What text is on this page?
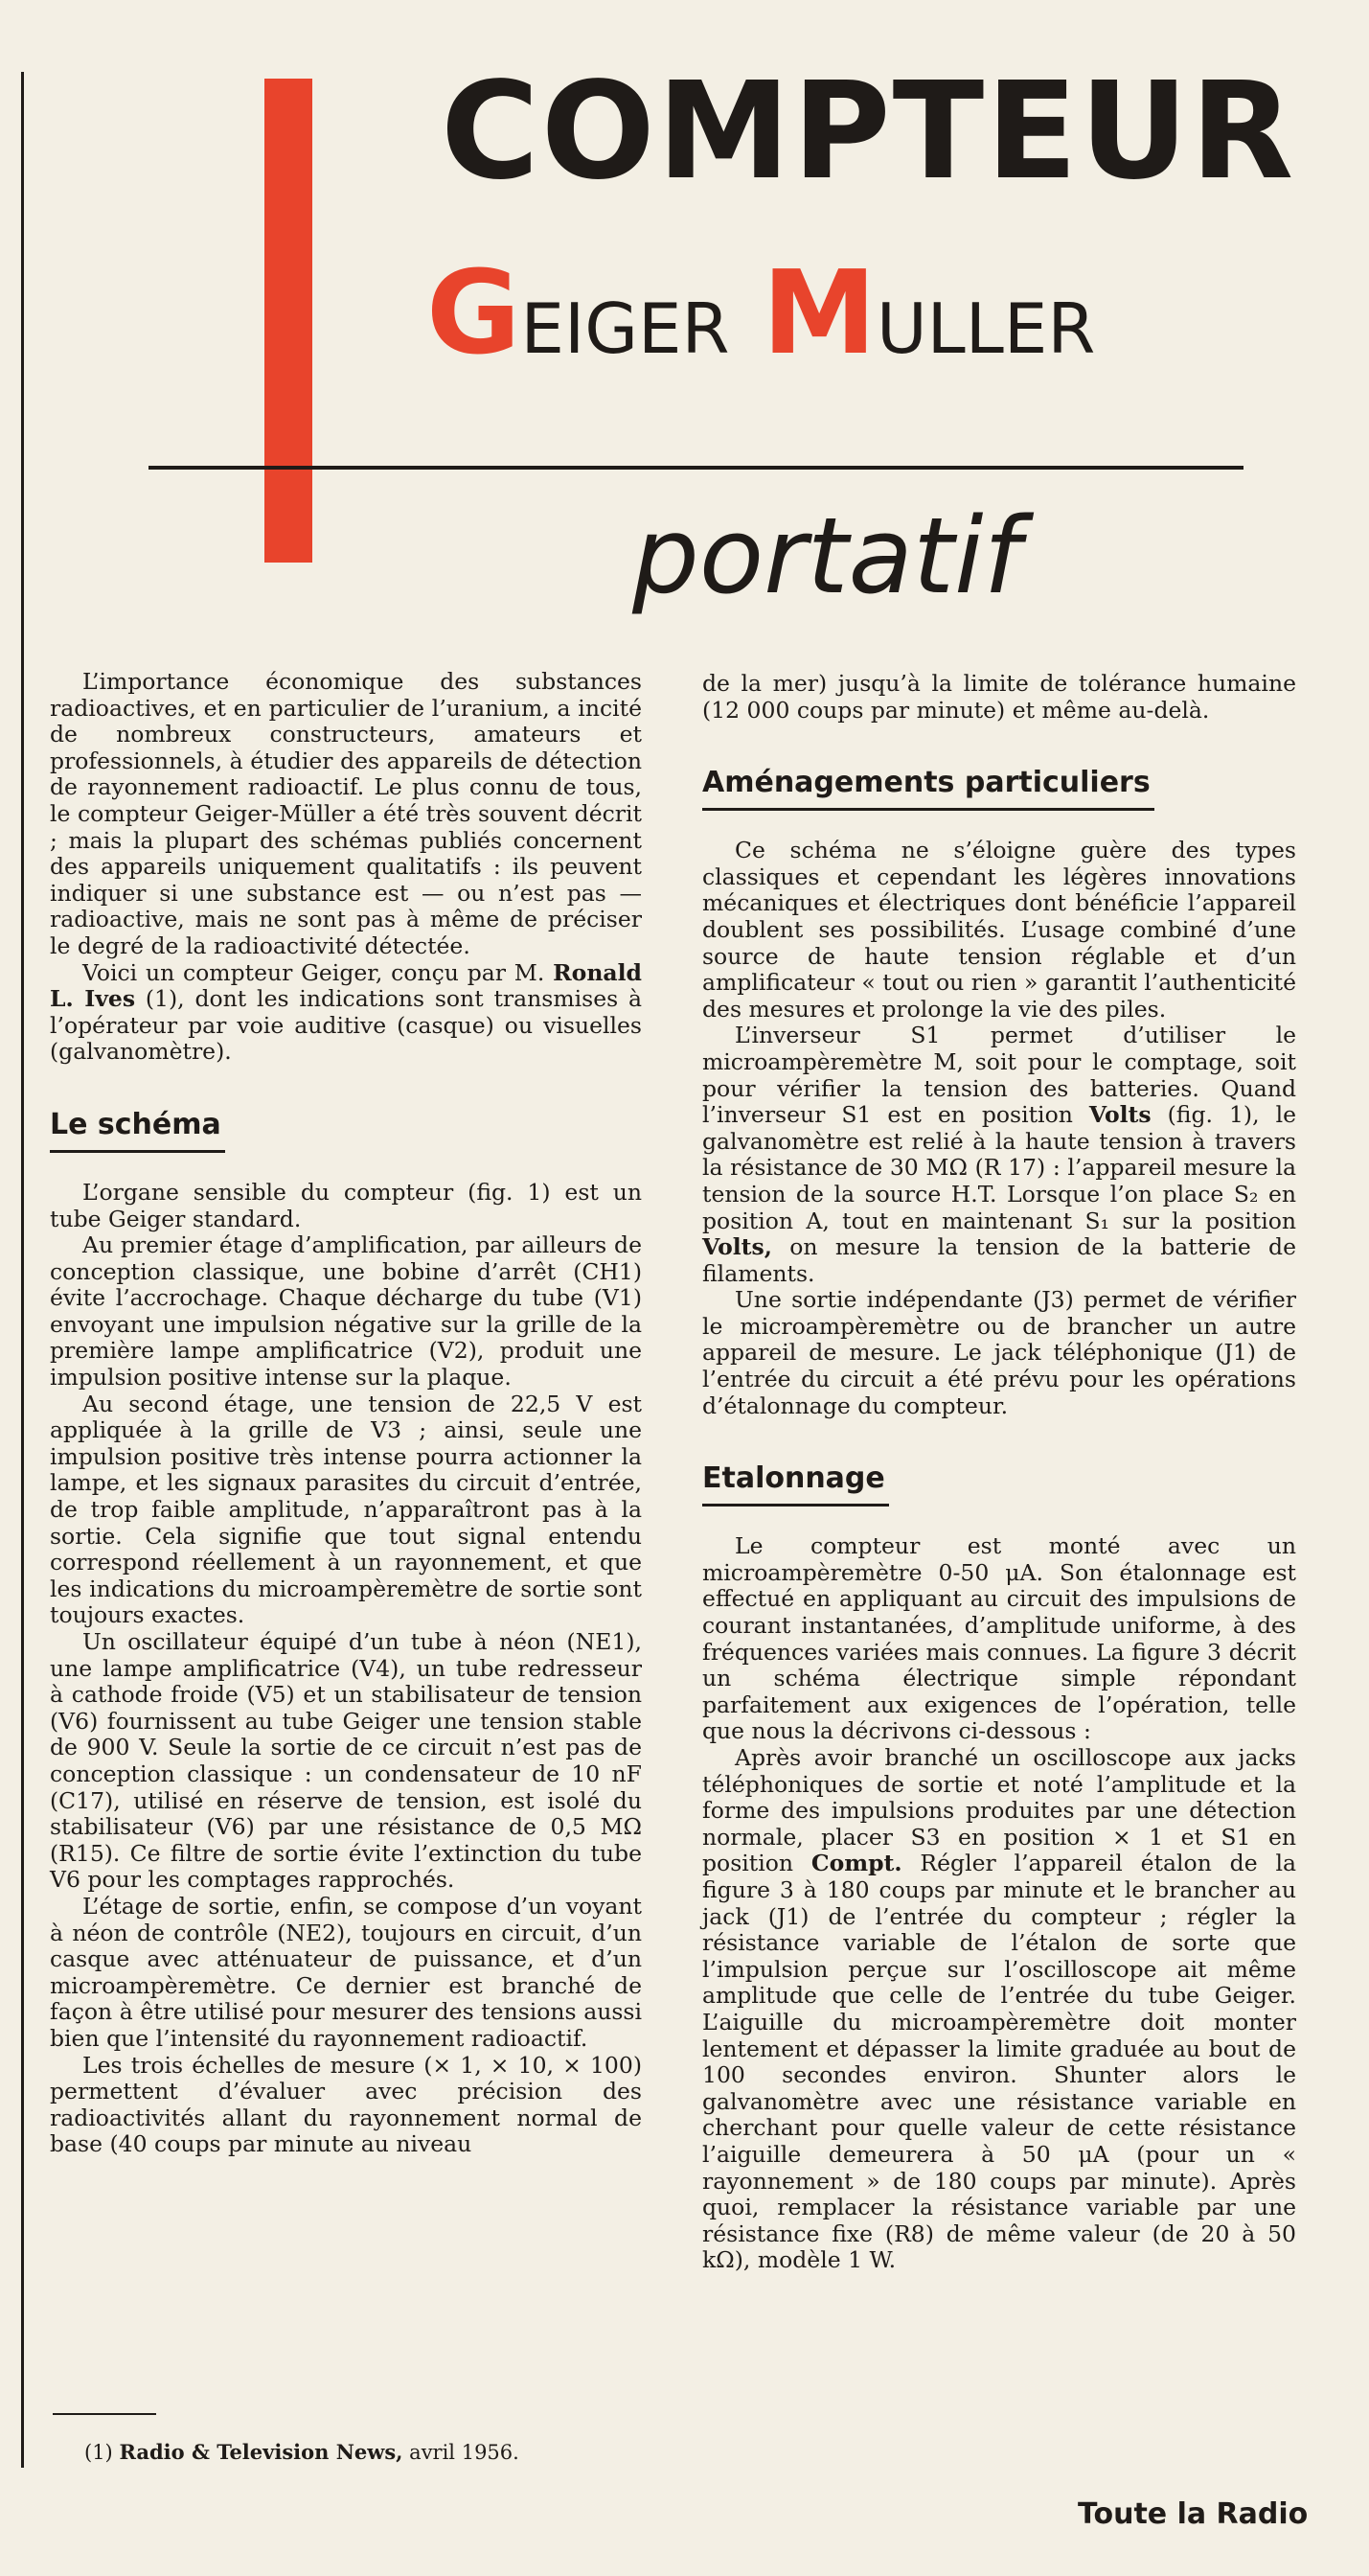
COMPTEUR
GEIGER MULLER
portatif

L’importance économique des substances radioactives, et en particulier de l’uranium, a incité de nombreux constructeurs, amateurs et professionnels, à étudier des appareils de détection de rayonnement radioactif. Le plus connu de tous, le compteur Geiger-Müller a été très souvent décrit ; mais la plupart des schémas publiés concernent des appareils uniquement qualitatifs : ils peuvent indiquer si une substance est — ou n’est pas — radioactive, mais ne sont pas à même de préciser le degré de la radioactivité détectée.

Voici un compteur Geiger, conçu par M. Ronald L. Ives (1), dont les indications sont transmises à l’opérateur par voie auditive (casque) ou visuelles (galvanomètre).

Le schéma

L’organe sensible du compteur (fig. 1) est un tube Geiger standard.

Au premier étage d’amplification, par ailleurs de conception classique, une bobine d’arrêt (CH1) évite l’accrochage. Chaque décharge du tube (V1) envoyant une impulsion négative sur la grille de la première lampe amplificatrice (V2), produit une impulsion positive intense sur la plaque.

Au second étage, une tension de 22,5 V est appliquée à la grille de V3 ; ainsi, seule une impulsion positive très intense pourra actionner la lampe, et les signaux parasites du circuit d’entrée, de trop faible amplitude, n’apparaîtront pas à la sortie. Cela signifie que tout signal entendu correspond réellement à un rayonnement, et que les indications du microampèremètre de sortie sont toujours exactes.

Un oscillateur équipé d’un tube à néon (NE1), une lampe amplificatrice (V4), un tube redresseur à cathode froide (V5) et un stabilisateur de tension (V6) fournissent au tube Geiger une tension stable de 900 V. Seule la sortie de ce circuit n’est pas de conception classique : un condensateur de 10 nF (C17), utilisé en réserve de tension, est isolé du stabilisateur (V6) par une résistance de 0,5 MΩ (R15). Ce filtre de sortie évite l’extinction du tube V6 pour les comptages rapprochés.

L’étage de sortie, enfin, se compose d’un voyant à néon de contrôle (NE2), toujours en circuit, d’un casque avec atténuateur de puissance, et d’un microampèremètre. Ce dernier est branché de façon à être utilisé pour mesurer des tensions aussi bien que l’intensité du rayonnement radioactif.

Les trois échelles de mesure (× 1, × 10, × 100) permettent d’évaluer avec précision des radioactivités allant du rayonnement normal de base (40 coups par minute au niveau

de la mer) jusqu’à la limite de tolérance humaine (12 000 coups par minute) et même au-delà.

Aménagements particuliers

Ce schéma ne s’éloigne guère des types classiques et cependant les légères innovations mécaniques et électriques dont bénéficie l’appareil doublent ses possibilités. L’usage combiné d’une source de haute tension réglable et d’un amplificateur « tout ou rien » garantit l’authenticité des mesures et prolonge la vie des piles.

L’inverseur S1 permet d’utiliser le microampèremètre M, soit pour le comptage, soit pour vérifier la tension des batteries. Quand l’inverseur S1 est en position Volts (fig. 1), le galvanomètre est relié à la haute tension à travers la résistance de 30 MΩ (R 17) : l’appareil mesure la tension de la source H.T. Lorsque l’on place S₂ en position A, tout en maintenant S₁ sur la position Volts, on mesure la tension de la batterie de filaments.

Une sortie indépendante (J3) permet de vérifier le microampèremètre ou de brancher un autre appareil de mesure. Le jack téléphonique (J1) de l’entrée du circuit a été prévu pour les opérations d’étalonnage du compteur.

Etalonnage

Le compteur est monté avec un microampèremètre 0-50 μA. Son étalonnage est effectué en appliquant au circuit des impulsions de courant instantanées, d’amplitude uniforme, à des fréquences variées mais connues. La figure 3 décrit un schéma électrique simple répondant parfaitement aux exigences de l’opération, telle que nous la décrivons ci-dessous :

Après avoir branché un oscilloscope aux jacks téléphoniques de sortie et noté l’amplitude et la forme des impulsions produites par une détection normale, placer S3 en position × 1 et S1 en position Compt. Régler l’appareil étalon de la figure 3 à 180 coups par minute et le brancher au jack (J1) de l’entrée du compteur ; régler la résistance variable de l’étalon de sorte que l’impulsion perçue sur l’oscilloscope ait même amplitude que celle de l’entrée du tube Geiger. L’aiguille du microampèremètre doit monter lentement et dépasser la limite graduée au bout de 100 secondes environ. Shunter alors le galvanomètre avec une résistance variable en cherchant pour quelle valeur de cette résistance l’aiguille demeurera à 50 μA (pour un « rayonnement » de 180 coups par minute). Après quoi, remplacer la résistance variable par une résistance fixe (R8) de même valeur (de 20 à 50 kΩ), modèle 1 W.

(1) Radio & Television News, avril 1956.
Toute la Radio
